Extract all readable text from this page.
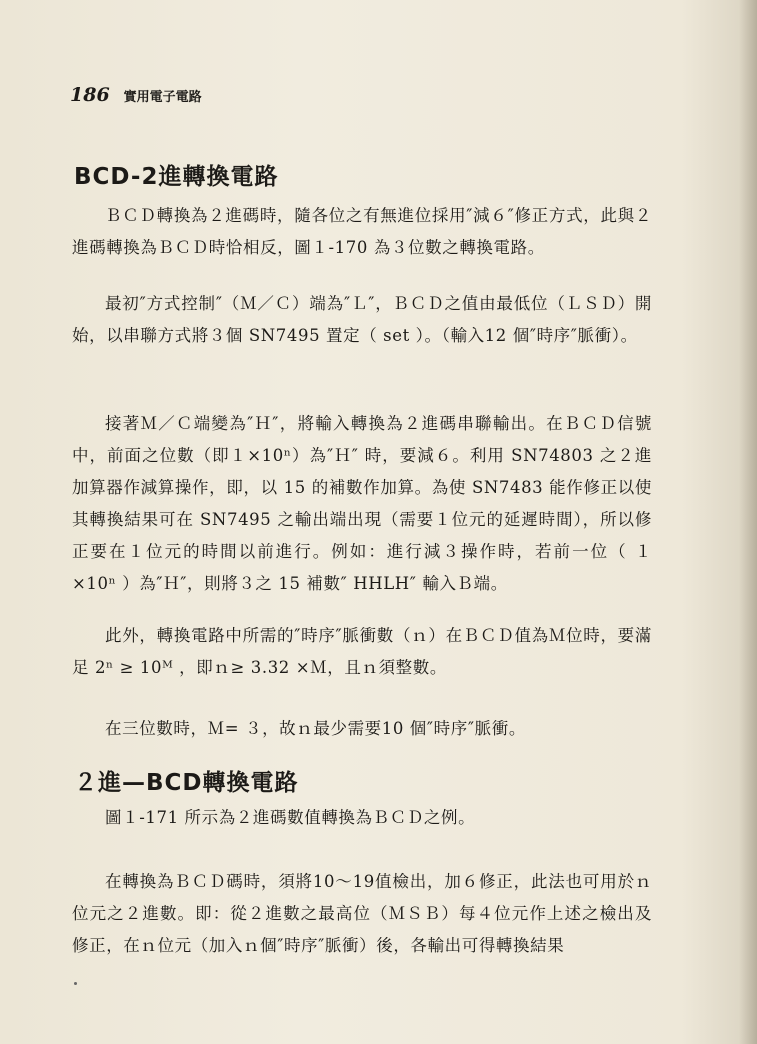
186 實用電子電路
BCD-2進轉換電路

ＢＣＤ轉換為２進碼時，隨各位之有無進位採用″減６″修正方式，此與２進碼轉換為ＢＣＤ時恰相反，圖１-170 為３位數之轉換電路。

最初″方式控制″（Ｍ／Ｃ）端為″Ｌ″，ＢＣＤ之值由最低位（ＬＳＤ）開始，以串聯方式將３個 SN7495 置定（ set ）。（輸入12 個″時序″脈衝）。

接著Ｍ／Ｃ端變為″Ｈ″，將輸入轉換為２進碼串聯輸出。在ＢＣＤ信號中，前面之位數（即１×10ⁿ）為″Ｈ″ 時，要減６。利用 SN74803 之２進加算器作減算操作，即，以 15 的補數作加算。為使 SN7483 能作修正以使其轉換結果可在 SN7495 之輸出端出現（需要１位元的延遲時間），所以修正要在１位元的時間以前進行。例如：進行減３操作時，若前一位（ １×10ⁿ ）為″Ｈ″，則將３之 15 補數″ HHLH″ 輸入Ｂ端。

此外，轉換電路中所需的″時序″脈衝數（ｎ）在ＢＣＤ值為Ｍ位時，要滿足 2ⁿ ≥ 10ᴹ ，即ｎ≥ 3.32 ×Ｍ，且ｎ須整數。

在三位數時，Ｍ= ３，故ｎ最少需要10 個″時序″脈衝。

２進—BCD轉換電路

圖１-171 所示為２進碼數值轉換為ＢＣＤ之例。

在轉換為ＢＣＤ碼時，須將10～19值檢出，加６修正，此法也可用於ｎ位元之２進數。即：從２進數之最高位（ＭＳＢ）每４位元作上述之檢出及修正，在ｎ位元（加入ｎ個″時序″脈衝）後，各輸出可得轉換結果
